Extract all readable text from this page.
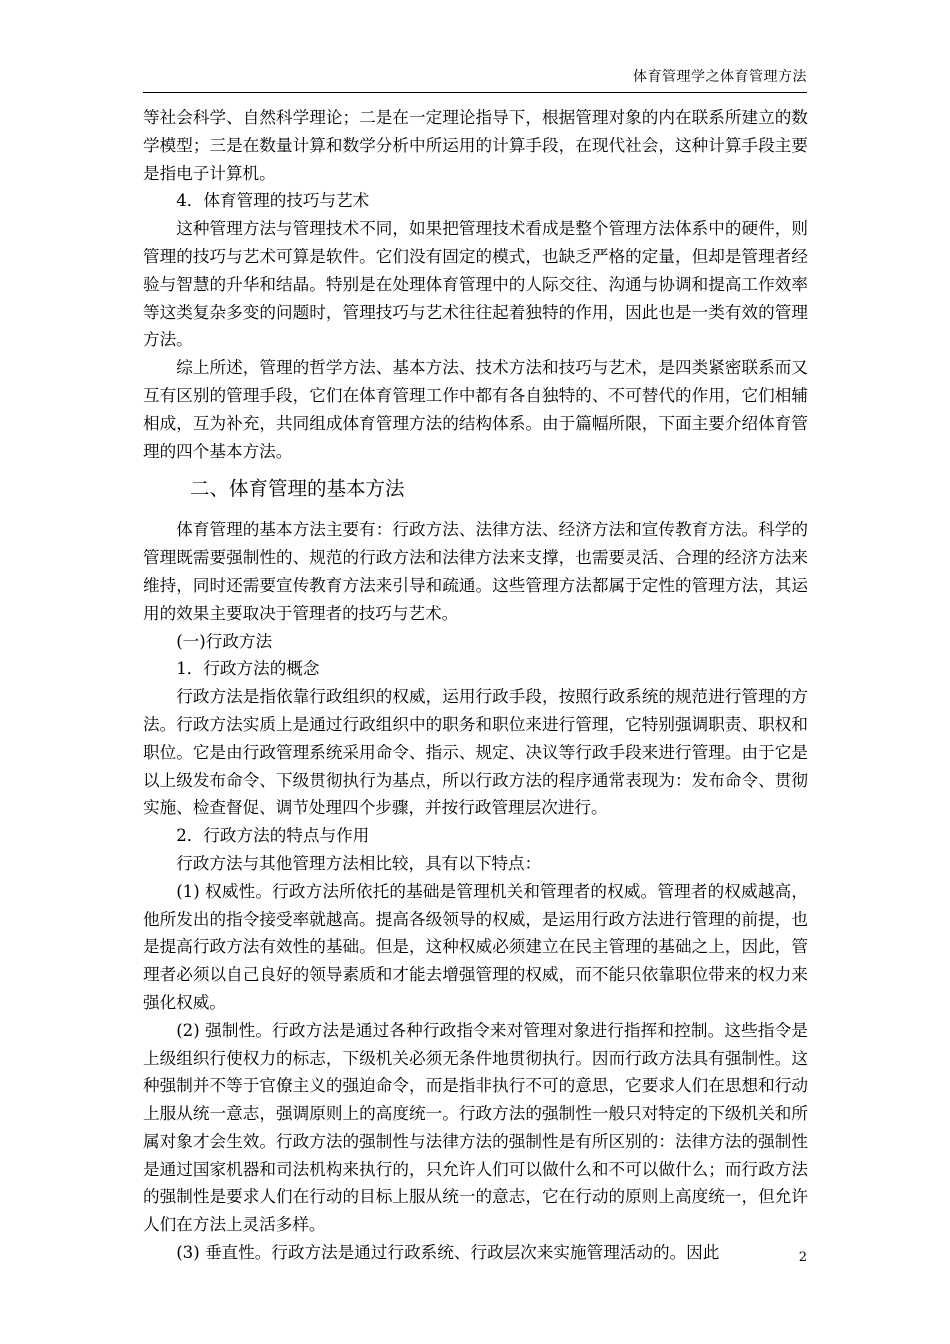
体育管理学之体育管理方法

等社会科学、自然科学理论；二是在一定理论指导下，根据管理对象的内在联系所建立的数学模型；三是在数量计算和数学分析中所运用的计算手段，在现代社会，这种计算手段主要是指电子计算机。

4．体育管理的技巧与艺术

这种管理方法与管理技术不同，如果把管理技术看成是整个管理方法体系中的硬件，则管理的技巧与艺术可算是软件。它们没有固定的模式，也缺乏严格的定量，但却是管理者经验与智慧的升华和结晶。特别是在处理体育管理中的人际交往、沟通与协调和提高工作效率等这类复杂多变的问题时，管理技巧与艺术往往起着独特的作用，因此也是一类有效的管理方法。

综上所述，管理的哲学方法、基本方法、技术方法和技巧与艺术，是四类紧密联系而又互有区别的管理手段，它们在体育管理工作中都有各自独特的、不可替代的作用，它们相辅相成，互为补充，共同组成体育管理方法的结构体系。由于篇幅所限，下面主要介绍体育管理的四个基本方法。

二、体育管理的基本方法

体育管理的基本方法主要有：行政方法、法律方法、经济方法和宣传教育方法。科学的管理既需要强制性的、规范的行政方法和法律方法来支撑，也需要灵活、合理的经济方法来维持，同时还需要宣传教育方法来引导和疏通。这些管理方法都属于定性的管理方法，其运用的效果主要取决于管理者的技巧与艺术。

(一)行政方法

1．行政方法的概念

行政方法是指依靠行政组织的权威，运用行政手段，按照行政系统的规范进行管理的方法。行政方法实质上是通过行政组织中的职务和职位来进行管理，它特别强调职责、职权和职位。它是由行政管理系统采用命令、指示、规定、决议等行政手段来进行管理。由于它是以上级发布命令、下级贯彻执行为基点，所以行政方法的程序通常表现为：发布命令、贯彻实施、检查督促、调节处理四个步骤，并按行政管理层次进行。

2．行政方法的特点与作用

行政方法与其他管理方法相比较，具有以下特点：

(1) 权威性。行政方法所依托的基础是管理机关和管理者的权威。管理者的权威越高，他所发出的指令接受率就越高。提高各级领导的权威，是运用行政方法进行管理的前提，也是提高行政方法有效性的基础。但是，这种权威必须建立在民主管理的基础之上，因此，管理者必须以自己良好的领导素质和才能去增强管理的权威，而不能只依靠职位带来的权力来强化权威。

(2) 强制性。行政方法是通过各种行政指令来对管理对象进行指挥和控制。这些指令是上级组织行使权力的标志，下级机关必须无条件地贯彻执行。因而行政方法具有强制性。这种强制并不等于官僚主义的强迫命令，而是指非执行不可的意思，它要求人们在思想和行动上服从统一意志，强调原则上的高度统一。行政方法的强制性一般只对特定的下级机关和所属对象才会生效。行政方法的强制性与法律方法的强制性是有所区别的：法律方法的强制性是通过国家机器和司法机构来执行的，只允许人们可以做什么和不可以做什么；而行政方法的强制性是要求人们在行动的目标上服从统一的意志，它在行动的原则上高度统一，但允许人们在方法上灵活多样。

(3) 垂直性。行政方法是通过行政系统、行政层次来实施管理活动的。因此	2
